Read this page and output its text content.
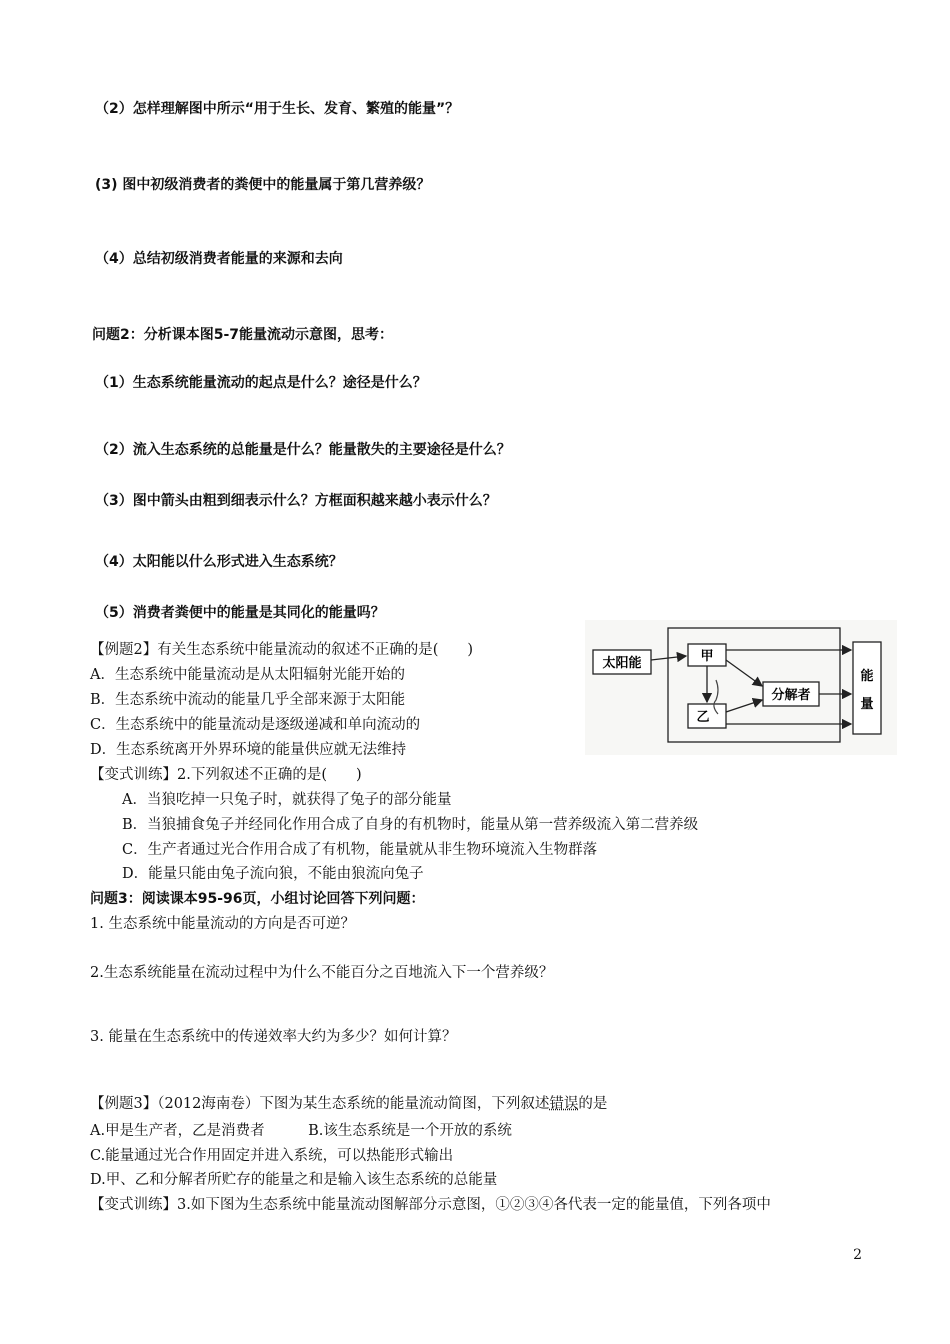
（2）怎样理解图中所示“用于生长、发育、繁殖的能量”？
(3) 图中初级消费者的粪便中的能量属于第几营养级？
（4）总结初级消费者能量的来源和去向
问题2：分析课本图5-7能量流动示意图，思考：
（1）生态系统能量流动的起点是什么？途径是什么？
（2）流入生态系统的总能量是什么？能量散失的主要途径是什么？
（3）图中箭头由粗到细表示什么？方框面积越来越小表示什么？
（4）太阳能以什么形式进入生态系统？
（5）消费者粪便中的能量是其同化的能量吗？
【例题2】有关生态系统中能量流动的叙述不正确的是(　　)
A．生态系统中能量流动是从太阳辐射光能开始的
B．生态系统中流动的能量几乎全部来源于太阳能
C．生态系统中的能量流动是逐级递减和单向流动的
D．生态系统离开外界环境的能量供应就无法维持
太阳能	甲
乙
分解者
能
量
【变式训练】2.下列叙述不正确的是(　　)
A．当狼吃掉一只兔子时，就获得了兔子的部分能量
B．当狼捕食兔子并经同化作用合成了自身的有机物时，能量从第一营养级流入第二营养级
C．生产者通过光合作用合成了有机物，能量就从非生物环境流入生物群落
D．能量只能由兔子流向狼，不能由狼流向兔子
问题3：阅读课本95-96页，小组讨论回答下列问题：
1. 生态系统中能量流动的方向是否可逆？
2.生态系统能量在流动过程中为什么不能百分之百地流入下一个营养级？
3. 能量在生态系统中的传递效率大约为多少？如何计算？
【例题3】（2012海南卷）下图为某生态系统的能量流动简图，下列叙述错误的是
A.甲是生产者，乙是消费者　　　B.该生态系统是一个开放的系统
C.能量通过光合作用固定并进入系统，可以热能形式输出
D.甲、乙和分解者所贮存的能量之和是输入该生态系统的总能量
【变式训练】3.如下图为生态系统中能量流动图解部分示意图，①②③④各代表一定的能量值，下列各项中
2
